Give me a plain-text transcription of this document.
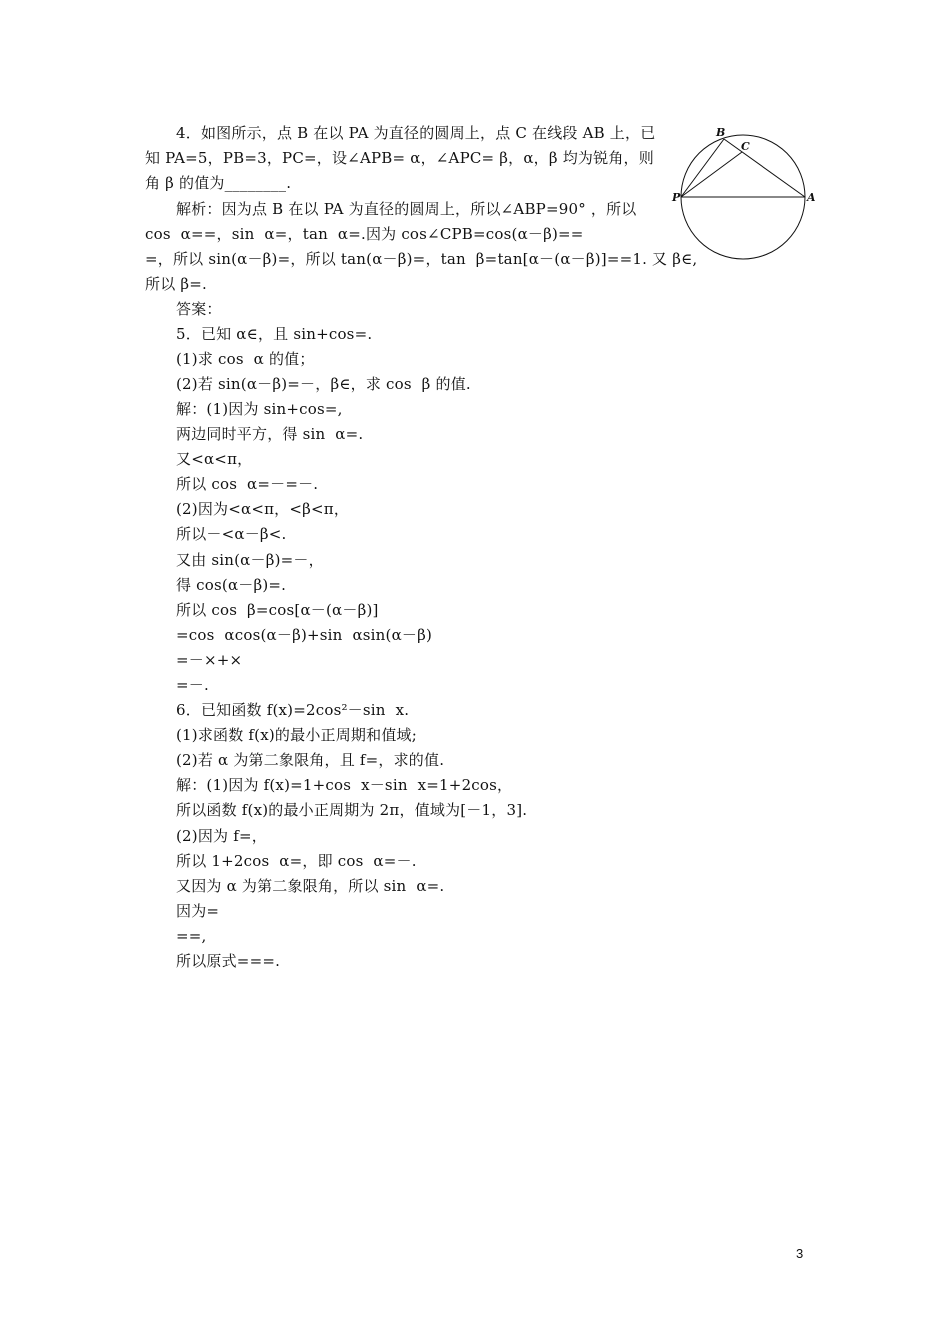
4．如图所示，点 B 在以 PA 为直径的圆周上，点 C 在线段 AB 上，已
知 PA=5，PB=3，PC=，设∠APB= α，∠APC= β，α，β 均为锐角，则
角 β 的值为________.
解析：因为点 B 在以 PA 为直径的圆周上，所以∠ABP=90° ，所以
cos  α==，sin  α=，tan  α=.因为 cos∠CPB=cos(α－β)==
=，所以 sin(α－β)=，所以 tan(α－β)=，tan  β=tan[α－(α－β)]==1. 又 β∈,
所以 β=.
答案：
B
C
P	A
5．已知 α∈，且 sin+cos=.
(1)求 cos  α 的值；
(2)若 sin(α－β)=－，β∈，求 cos  β 的值.
解：(1)因为 sin+cos=,
两边同时平方，得 sin  α=.
又<α<π，
所以 cos  α=－=－.
(2)因为<α<π，<β<π，
所以－<α－β<.
又由 sin(α－β)=－，
得 cos(α－β)=.
所以 cos  β=cos[α－(α－β)]
=cos  αcos(α－β)+sin  αsin(α－β)
=－×+×
=－.
6．已知函数 f(x)=2cos²－sin  x.
(1)求函数 f(x)的最小正周期和值域;
(2)若 α 为第二象限角，且 f=，求的值.
解：(1)因为 f(x)=1+cos  x－sin  x=1+2cos，
所以函数 f(x)的最小正周期为 2π，值域为[－1，3].
(2)因为 f=，
所以 1+2cos  α=，即 cos  α=－.
又因为 α 为第二象限角，所以 sin  α=.
因为=
==,
所以原式===.
3
